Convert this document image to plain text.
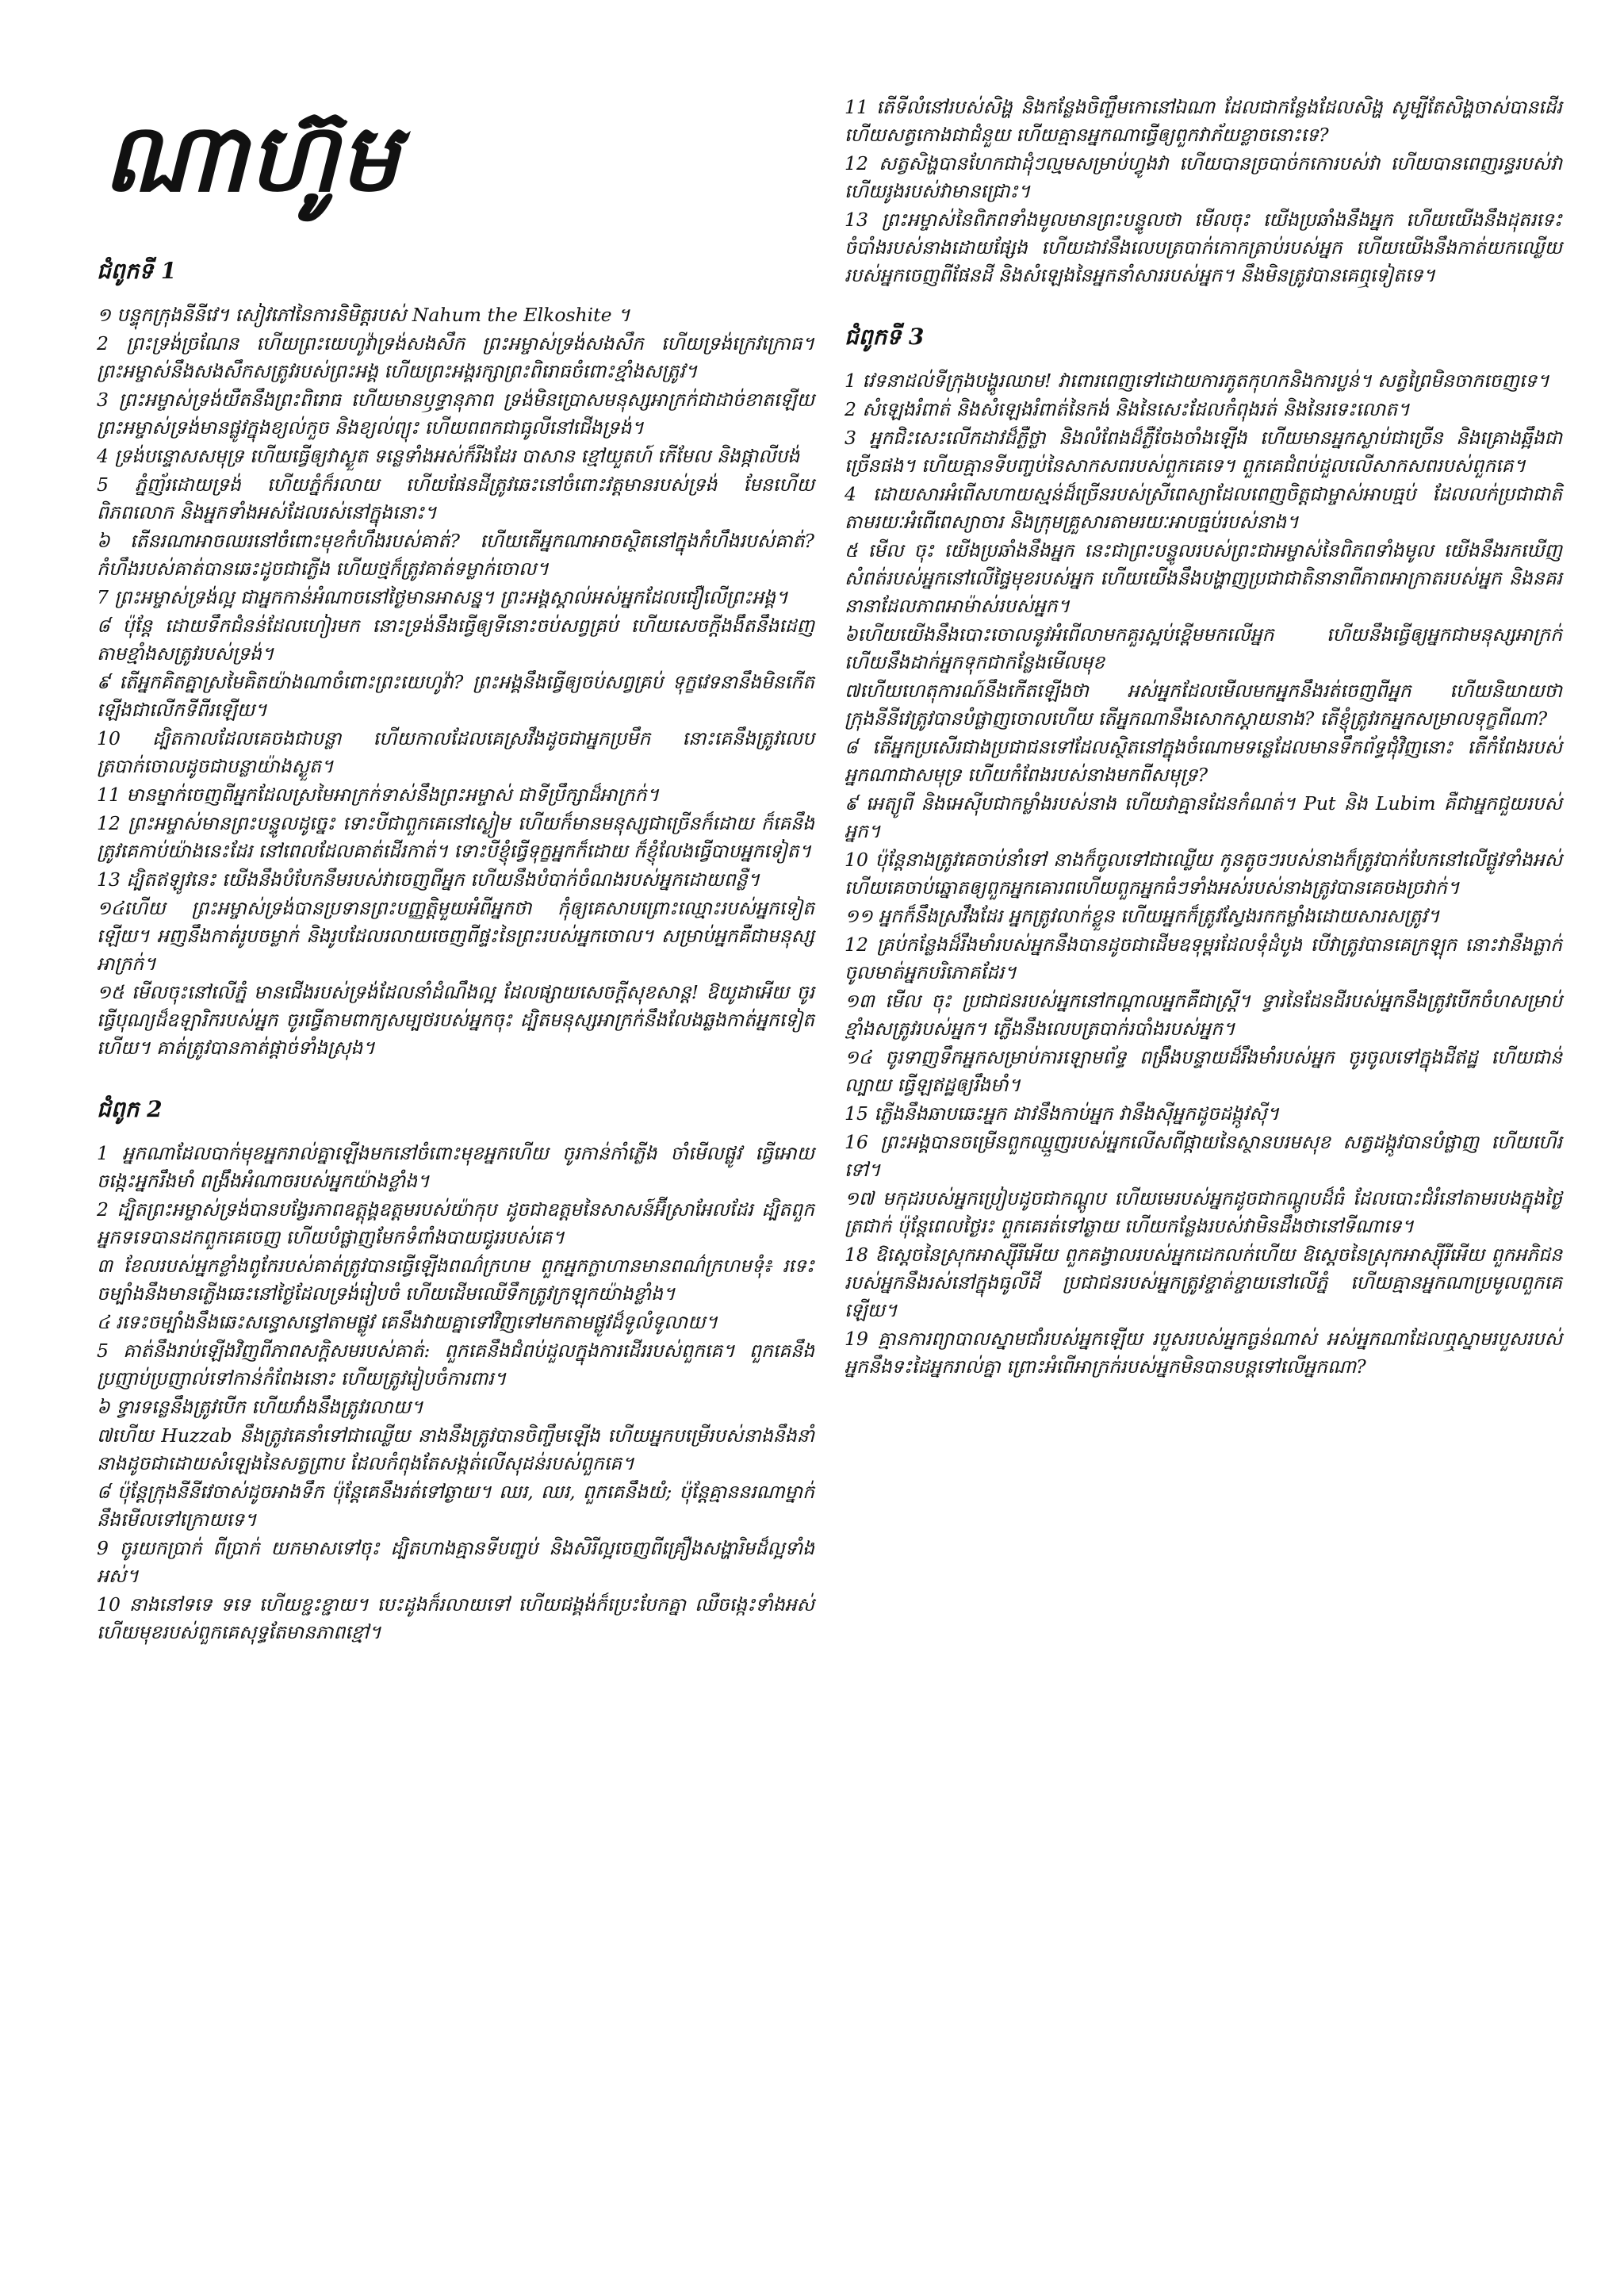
ណាហ៊ូម
ជំពូកទី 1

១ បន្ទុកក្រុងនីនីវេ។ សៀវភៅនៃការនិមិត្តរបស់ Nahum the Elkoshite ។

2 ព្រះទ្រង់ច្រណែន ហើយព្រះយេហូវ៉ាទ្រង់សងសឹក ព្រះអម្ចាស់ទ្រង់សងសឹក ហើយទ្រង់ក្រេវក្រោធ។ ព្រះអម្ចាស់នឹងសងសឹកសត្រូវរបស់ព្រះអង្គ ហើយព្រះអង្គរក្សាព្រះពិរោធចំពោះខ្មាំងសត្រូវ។

3 ព្រះអម្ចាស់ទ្រង់យឺតនឹងព្រះពិរោធ ហើយមានឫទ្ធានុភាព ទ្រង់មិនប្រោសមនុស្សអាក្រក់ជាដាច់ខាតឡើយ ព្រះអម្ចាស់ទ្រង់មានផ្លូវក្នុងខ្យល់កួច និងខ្យល់ព្យុះ ហើយពពកជាធូលីនៅជើងទ្រង់។

4 ទ្រង់បន្ទោសសមុទ្រ ហើយធ្វើឲ្យវាស្ងួត ទន្លេទាំងអស់ក៏រីងដែរ បាសាន ខ្មៅយួតហ៍ កើមែល និងផ្កាលីបង់

5 ភ្នំញ័រដោយទ្រង់ ហើយភ្នំក៏រលាយ ហើយផែនដីត្រូវឆេះនៅចំពោះវត្តមានរបស់ទ្រង់ មែនហើយ ពិភពលោក និងអ្នកទាំងអស់ដែលរស់នៅក្នុងនោះ។

៦ តើនរណាអាចឈរនៅចំពោះមុខកំហឹងរបស់គាត់? ហើយតើអ្នកណាអាចស្ថិតនៅក្នុងកំហឹងរបស់គាត់? កំហឹងរបស់គាត់បានឆេះដូចជាភ្លើង ហើយថ្មក៏ត្រូវគាត់ទម្លាក់ចោល។

7 ព្រះអម្ចាស់ទ្រង់ល្អ ជាអ្នកកាន់អំណាចនៅថ្ងៃមានអាសន្ន។ ព្រះអង្គស្គាល់អស់អ្នកដែលជឿលើព្រះអង្គ។

៨ ប៉ុន្តែ ដោយទឹកជំនន់ដែលហៀរមក នោះទ្រង់នឹងធ្វើឲ្យទីនោះចប់សព្វគ្រប់ ហើយសេចក្ដីងងឹតនឹងដេញតាមខ្មាំងសត្រូវរបស់ទ្រង់។

៩ តើអ្នកគិតគ្នាស្រមៃគិតយ៉ាងណាចំពោះព្រះយេហូវ៉ា? ព្រះអង្គនឹងធ្វើឲ្យចប់សព្វគ្រប់ ទុក្ខវេទនានឹងមិនកើតឡើងជាលើកទីពីរឡើយ។

10 ដ្បិតកាលដែលគេចងជាបន្លា ហើយកាលដែលគេស្រវឹងដូចជាអ្នកប្រមឹក នោះគេនឹងត្រូវលេបត្របាក់ចោលដូចជាបន្លាយ៉ាងស្ងួត។

11 មានម្នាក់ចេញពីអ្នកដែលស្រមៃអាក្រក់ទាស់នឹងព្រះអម្ចាស់ ជាទីប្រឹក្សាដ៏អាក្រក់។

12 ព្រះអម្ចាស់មានព្រះបន្ទូលដូច្នេះ ទោះបីជាពួកគេនៅស្ងៀម ហើយក៏មានមនុស្សជាច្រើនក៏ដោយ ក៏គេនឹងត្រូវគេកាប់យ៉ាងនេះដែរ នៅពេលដែលគាត់ដើរកាត់។ ទោះបីខ្ញុំធ្វើទុក្ខអ្នកក៏ដោយ ក៏ខ្ញុំលែងធ្វើបាបអ្នកទៀត។

13 ដ្បិតឥឡូវនេះ យើងនឹងបំបែកនឹមរបស់វាចេញពីអ្នក ហើយនឹងបំបាក់ចំណងរបស់អ្នកដោយពន្លឺ។

១៤ហើយ ព្រះអម្ចាស់ទ្រង់បានប្រទានព្រះបញ្ញត្តិមួយអំពីអ្នកថា កុំឲ្យគេសាបព្រោះឈ្មោះរបស់អ្នកទៀតឡើយ។ អញនឹងកាត់រូបចម្លាក់ និងរូបដែលរលាយចេញពីផ្ទះនៃព្រះរបស់អ្នកចោល។ សម្រាប់អ្នកគឺជាមនុស្សអាក្រក់។

១៥ មើលចុះនៅលើភ្នំ មានជើងរបស់ទ្រង់ដែលនាំដំណឹងល្អ ដែលផ្សាយសេចក្ដីសុខសាន្ត! ឱយូដាអើយ ចូរធ្វើបុណ្យដ៏ឧឡារិករបស់អ្នក ចូរធ្វើតាមពាក្យសម្បថរបស់អ្នកចុះ ដ្បិតមនុស្សអាក្រក់នឹងលែងឆ្លងកាត់អ្នកទៀតហើយ។ គាត់ត្រូវបានកាត់ផ្ដាច់ទាំងស្រុង។

ជំពូក 2

1 អ្នកណាដែលបាក់មុខអ្នករាល់គ្នាឡើងមកនៅចំពោះមុខអ្នកហើយ ចូរកាន់កាំភ្លើង ចាំមើលផ្លូវ ធ្វើអោយចង្កេះអ្នករឹងមាំ ពង្រឹងអំណាចរបស់អ្នកយ៉ាងខ្លាំង។

2 ដ្បិតព្រះអម្ចាស់ទ្រង់បានបង្វែរភាពឧត្តុង្គឧត្តមរបស់យ៉ាកុប ដូចជាឧត្តមនៃសាសន៍អ៊ីស្រាអែលដែរ ដ្បិតពួកអ្នកទទេបានដកពួកគេចេញ ហើយបំផ្លាញមែកទំពាំងបាយជូររបស់គេ។

៣ ខែលរបស់អ្នកខ្លាំងពូកែរបស់គាត់ត្រូវបានធ្វើឡើងពណ៌ក្រហម ពួកអ្នកក្លាហានមានពណ៌ក្រហមទុំ៖ រទេះចម្បាំងនឹងមានភ្លើងឆេះនៅថ្ងៃដែលទ្រង់រៀបចំ ហើយដើមឈើទឹកត្រូវក្រឡុកយ៉ាងខ្លាំង។

៤ រទេះចម្បាំងនឹងឆេះសន្ធោសន្ធៅតាមផ្លូវ គេនឹងវាយគ្នាទៅវិញទៅមកតាមផ្លូវដ៏ទូលំទូលាយ។

5 គាត់នឹងរាប់ឡើងវិញពីភាពសក្តិសមរបស់គាត់: ពួកគេនឹងជំពប់ដួលក្នុងការដើររបស់ពួកគេ។ ពួកគេនឹងប្រញាប់ប្រញាល់ទៅកាន់កំពែងនោះ ហើយត្រូវរៀបចំការពារ។

៦ ទ្វារទន្លេនឹងត្រូវបើក ហើយវាំងនឹងត្រូវរលាយ។

៧ហើយ Huzzab នឹងត្រូវគេនាំទៅជាឈ្លើយ នាងនឹងត្រូវបានចិញ្ចឹមឡើង ហើយអ្នកបម្រើរបស់នាងនឹងនាំនាងដូចជាដោយសំឡេងនៃសត្វព្រាប ដែលកំពុងតែសង្កត់លើសុដន់របស់ពួកគេ។

៨ ប៉ុន្តែក្រុងនីនីវេចាស់ដូចអាងទឹក ប៉ុន្តែគេនឹងរត់ទៅឆ្ងាយ។ ឈរ, ឈរ, ពួកគេនឹងយំ; ប៉ុន្តែគ្មាននរណាម្នាក់នឹងមើលទៅក្រោយទេ។

9 ចូរយកប្រាក់ ពីប្រាក់ យកមាសទៅចុះ ដ្បិតហាងគ្មានទីបញ្ចប់ និងសិរីល្អចេញពីគ្រឿងសង្ហារិមដ៏ល្អទាំងអស់។

10 នាងនៅទទេ ទទេ ហើយខ្ជះខ្ជាយ។ បេះដូងក៏រលាយទៅ ហើយជង្គង់ក៏ប្រេះបែកគ្នា ឈឺចង្កេះទាំងអស់ ហើយមុខរបស់ពួកគេសុទ្ធតែមានភាពខ្មៅ។

11 តើទីលំនៅរបស់សិង្ហ និងកន្លែងចិញ្ចឹមកោនៅឯណា ដែលជាកន្លែងដែលសិង្ហ សូម្បីតែសិង្ហចាស់បានដើរ ហើយសត្វកោងជាជំនួយ ហើយគ្មានអ្នកណាធ្វើឲ្យពួកវាភ័យខ្លាចនោះទេ?

12 សត្វសិង្ហបានហែកជាដុំៗល្មមសម្រាប់ហ្វូងវា ហើយបានច្របាច់កកោរបស់វា ហើយបានពេញរន្ធរបស់វា ហើយរូងរបស់វាមានជ្រោះ។

13 ព្រះអម្ចាស់នៃពិភពទាំងមូលមានព្រះបន្ទូលថា មើលចុះ យើងប្រឆាំងនឹងអ្នក ហើយយើងនឹងដុតរទេះចំបាំងរបស់នាងដោយផ្សែង ហើយដាវនឹងលេបត្របាក់កោកត្រាប់របស់អ្នក ហើយយើងនឹងកាត់យកឈ្លើយរបស់អ្នកចេញពីផែនដី និងសំឡេងនៃអ្នកនាំសាររបស់អ្នក។ នឹងមិនត្រូវបានគេឮទៀតទេ។

ជំពូកទី 3

1 វេទនាដល់ទីក្រុងបង្ហូរឈាម! វាពោរពេញទៅដោយការភូតកុហកនិងការប្លន់។ សត្វព្រៃមិនចាកចេញទេ។

2 សំឡេងរំពាត់ និងសំឡេងរំពាត់នៃកង់ និងនៃសេះដែលកំពុងរត់ និងនៃរទេះលោត។

3 អ្នកជិះសេះលើកដាវដ៏ភ្លឺថ្លា និងលំពែងដ៏ភ្លឺចែងចាំងឡើង ហើយមានអ្នកស្លាប់ជាច្រើន និងគ្រោងឆ្អឹងជាច្រើនផង។ ហើយគ្មានទីបញ្ចប់នៃសាកសពរបស់ពួកគេទេ។ ពួកគេជំពប់ដួលលើសាកសពរបស់ពួកគេ។

4 ដោយសារអំពើសហាយស្មន់ដ៏ច្រើនរបស់ស្រីពេស្យាដែលពេញចិត្តជាម្ចាស់អាបធ្មប់ ដែលលក់ប្រជាជាតិតាមរយៈអំពើពេស្យាចារ និងក្រុមគ្រួសារតាមរយៈអាបធ្មប់របស់នាង។

៥ មើល ចុះ យើងប្រឆាំងនឹងអ្នក នេះជាព្រះបន្ទូលរបស់ព្រះជាអម្ចាស់នៃពិភពទាំងមូល យើងនឹងរកឃើញសំពត់របស់អ្នកនៅលើផ្ទៃមុខរបស់អ្នក ហើយយើងនឹងបង្ហាញប្រជាជាតិនានាពីភាពអាក្រាតរបស់អ្នក និងនគរនានាដែលភាពអាម៉ាស់របស់អ្នក។

៦ហើយយើងនឹងបោះចោលនូវអំពើលាមកគួរស្អប់ខ្ពើមមកលើអ្នក ហើយនឹងធ្វើឲ្យអ្នកជាមនុស្សអាក្រក់ ហើយនឹងដាក់អ្នកទុកជាកន្លែងមើលមុខ

៧ហើយហេតុការណ៍នឹងកើតឡើងថា អស់អ្នកដែលមើលមកអ្នកនឹងរត់ចេញពីអ្នក ហើយនិយាយថា ក្រុងនីនីវេត្រូវបានបំផ្លាញចោលហើយ តើអ្នកណានឹងសោកស្ដាយនាង? តើខ្ញុំត្រូវរកអ្នកសម្រាលទុក្ខពីណា?

៨ តើអ្នកប្រសើរជាងប្រជាជនទៅដែលស្ថិតនៅក្នុងចំណោមទន្លេដែលមានទឹកព័ទ្ធជុំវិញនោះ តើកំពែងរបស់អ្នកណាជាសមុទ្រ ហើយកំពែងរបស់នាងមកពីសមុទ្រ?

៩ អេត្យូពី និងអេស៊ីបជាកម្លាំងរបស់នាង ហើយវាគ្មានដែនកំណត់។ Put និង Lubim គឺជាអ្នកជួយរបស់អ្នក។

10 ប៉ុន្តែនាងត្រូវគេចាប់នាំទៅ នាងក៏ចូលទៅជាឈ្លើយ កូនតូចៗរបស់នាងក៏ត្រូវបាក់បែកនៅលើផ្លូវទាំងអស់ ហើយគេចាប់ឆ្នោតឲ្យពួកអ្នកគោរពហើយពួកអ្នកធំៗទាំងអស់របស់នាងត្រូវបានគេចងច្រវាក់។

១១ អ្នកក៏នឹងស្រវឹងដែរ អ្នកត្រូវលាក់ខ្លួន ហើយអ្នកក៏ត្រូវស្វែងរកកម្លាំងដោយសារសត្រូវ។

12 គ្រប់កន្លែងដ៏រឹងមាំរបស់អ្នកនឹងបានដូចជាដើមឧទុម្ពរដែលទុំដំបូង បើវាត្រូវបានគេក្រឡុក នោះវានឹងធ្លាក់ចូលមាត់អ្នកបរិភោគដែរ។

១៣ មើល ចុះ ប្រជាជនរបស់អ្នកនៅកណ្ដាលអ្នកគឺជាស្ត្រី។ ទ្វារនៃដែនដីរបស់អ្នកនឹងត្រូវបើកចំហសម្រាប់ខ្មាំងសត្រូវរបស់អ្នក។ ភ្លើងនឹងលេបត្របាក់របាំងរបស់អ្នក។

១៤ ចូរទាញទឹកអ្នកសម្រាប់ការឡោមព័ទ្ធ ពង្រឹងបន្ទាយដ៏រឹងមាំរបស់អ្នក ចូរចូលទៅក្នុងដីឥដ្ឋ ហើយជាន់ល្បាយ ធ្វើឡឥដ្ឋឲ្យរឹងមាំ។

15 ភ្លើងនឹងឆាបឆេះអ្នក ដាវនឹងកាប់អ្នក វានឹងស៊ីអ្នកដូចដង្កូវស៊ី។

16 ព្រះអង្គបានចម្រើនពួកឈ្មួញរបស់អ្នកលើសពីផ្កាយនៃស្ថានបរមសុខ សត្វដង្កូវបានបំផ្លាញ ហើយហើរទៅ។

១៧ មកុដរបស់អ្នកប្រៀបដូចជាកណ្តូប ហើយមេរបស់អ្នកដូចជាកណ្តូបដ៏ធំ ដែលបោះជំរំនៅតាមរបងក្នុងថ្ងៃត្រជាក់ ប៉ុន្តែពេលថ្ងៃរះ ពួកគេរត់ទៅឆ្ងាយ ហើយកន្លែងរបស់វាមិនដឹងថានៅទីណាទេ។

18 ឱស្ដេចនៃស្រុកអាស្ស៊ីរីអើយ ពួកគង្វាលរបស់អ្នកដេកលក់ហើយ ឱស្ដេចនៃស្រុកអាស្ស៊ីរីអើយ ពួកអភិជនរបស់អ្នកនឹងរស់នៅក្នុងធូលីដី ប្រជាជនរបស់អ្នកត្រូវខ្ចាត់ខ្ចាយនៅលើភ្នំ ហើយគ្មានអ្នកណាប្រមូលពួកគេឡើយ។

19 គ្មានការព្យាបាលស្នាមជាំរបស់អ្នកឡើយ របួសរបស់អ្នកធ្ងន់ណាស់ អស់អ្នកណាដែលឮស្នាមរបួសរបស់អ្នកនឹងទះដៃអ្នករាល់គ្នា ព្រោះអំពើអាក្រក់របស់អ្នកមិនបានបន្តទៅលើអ្នកណា?
